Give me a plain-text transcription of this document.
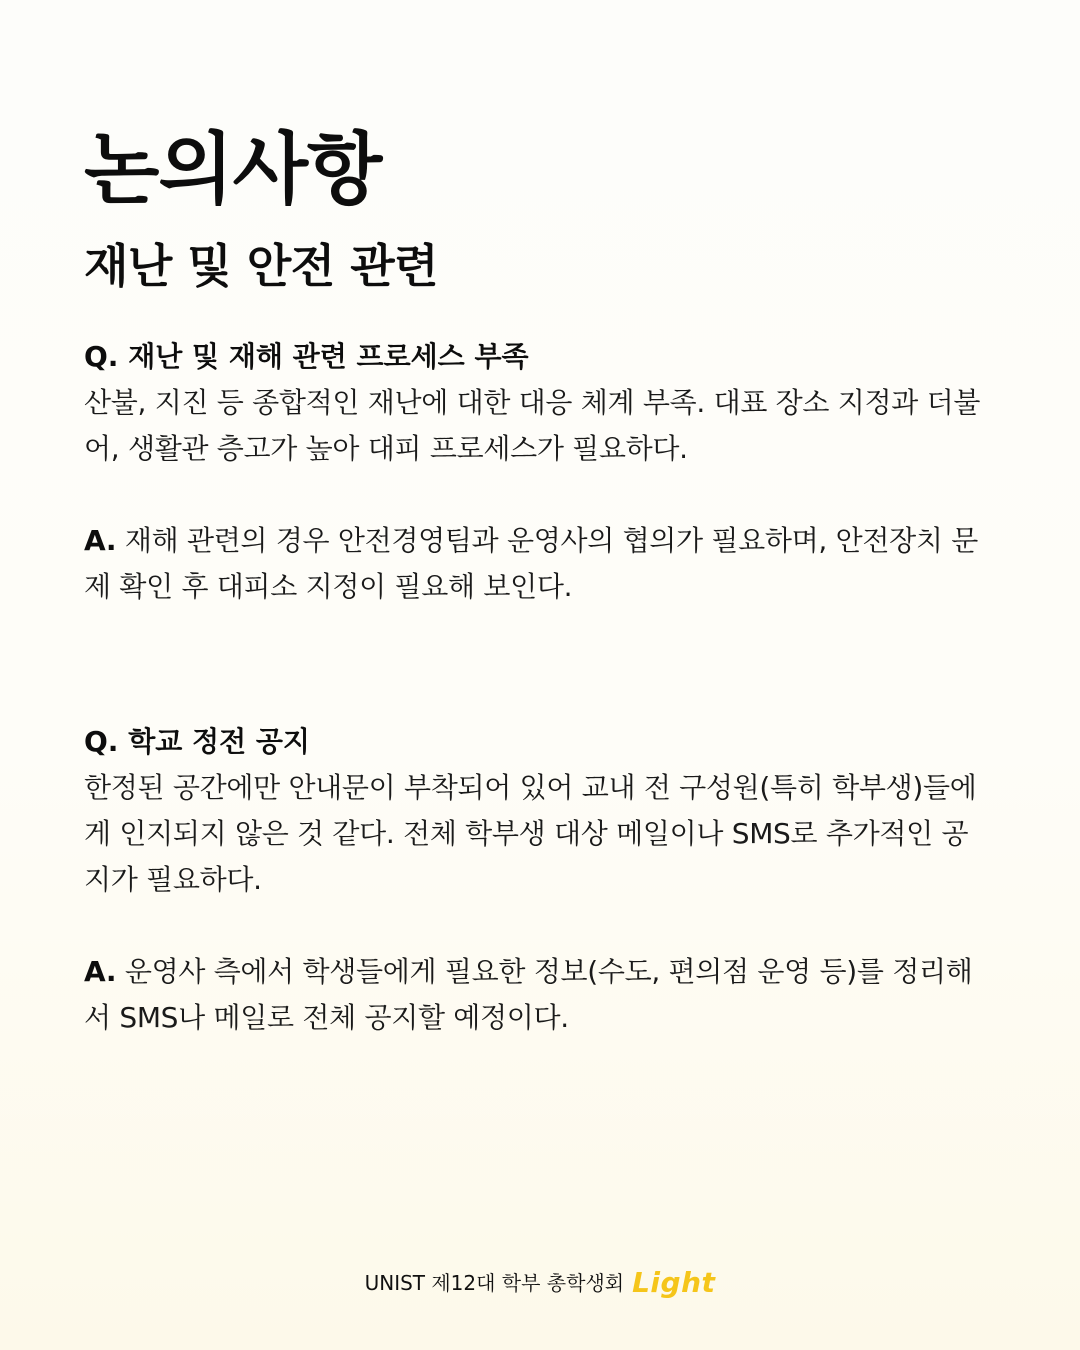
논의사항
재난 및 안전 관련

Q. 재난 및 재해 관련 프로세스 부족

산불, 지진 등 종합적인 재난에 대한 대응 체계 부족. 대표 장소 지정과 더불어, 생활관 층고가 높아 대피 프로세스가 필요하다.

A. 재해 관련의 경우 안전경영팀과 운영사의 협의가 필요하며, 안전장치 문제 확인 후 대피소 지정이 필요해 보인다.

Q. 학교 정전 공지

한정된 공간에만 안내문이 부착되어 있어 교내 전 구성원(특히 학부생)들에게 인지되지 않은 것 같다. 전체 학부생 대상 메일이나 SMS로 추가적인 공지가 필요하다.

A. 운영사 측에서 학생들에게 필요한 정보(수도, 편의점 운영 등)를 정리해서 SMS나 메일로 전체 공지할 예정이다.

UNIST 제12대 학부 총학생회 Light
